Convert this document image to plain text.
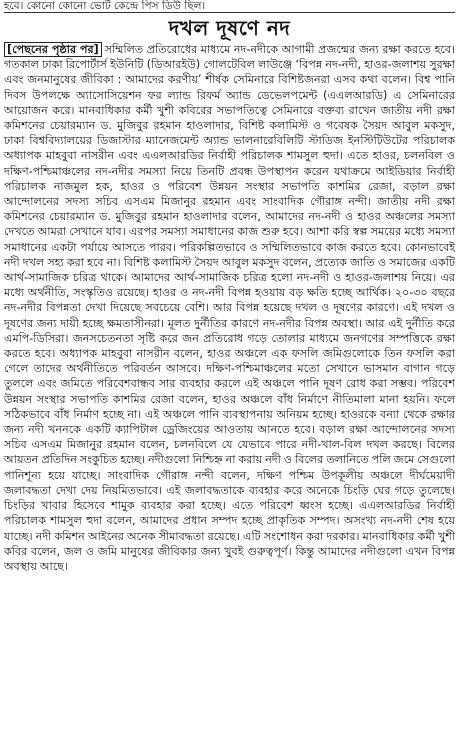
হবে। কোনো কোনো ভোট কেন্দ্রে পিস ডিউ ছিল।
দখল দূষণে নদ
[পেছনের পৃষ্ঠার পর] সম্মিলিত প্রতিরোধের মাধ্যমে নদ-নদীকে আগামী প্রজন্মের জন্য রক্ষা করতে হবে। গতকাল ঢাকা রিপোর্টার্স ইউনিটি (ডিআরইউ) গোলটেবিল লাউঞ্জে ‘বিপন্ন নদ-নদী, হাওর-জলাশয় সুরক্ষা এবং জনমানুষের জীবিকা : আমাদের করণীয়’ শীর্ষক সেমিনারে বিশিষ্টজনরা এসব কথা বলেন। বিশ্ব পানি দিবস উপলক্ষে অ্যাসোসিয়েশন ফর ল্যান্ড রিফর্ম অ্যান্ড ডেভেলপমেন্ট (এএলআরডি) এ সেমিনারের আয়োজন করে। মানবাধিকার কর্মী খুশী কবিরের সভাপতিত্বে সেমিনারে বক্তব্য রাখেন জাতীয় নদী রক্ষা কমিশনের চেয়ারম্যান ড. মুজিবুর রহমান হাওলাদার, বিশিষ্ট কলামিস্ট ও গবেষক সৈয়দ আবুল মকসুদ, ঢাকা বিশ্ববিদ্যালয়ের ডিজাস্টার ম্যানেজমেন্ট অ্যান্ড ভালনারেবিলিটি স্টাডিজ ইনস্টিটিউটের পরিচালক অধ্যাপক মাহবুবা নাসরীন এবং এএলআরডির নির্বাহী পরিচালক শামসুল হুদা। এতে হাওর, চলনবিল ও দক্ষিণ-পশ্চিমাঞ্চলের নদ-নদীর সমস্যা নিয়ে তিনটি প্রবন্ধ উপস্থাপন করেন যথাক্রমে আইডিয়ার নির্বাহী পরিচালক নাজমুল হক, হাওর ও পরিবেশ উন্নয়ন সংস্থার সভাপতি কাশমির রেজা, বড়াল রক্ষা আন্দোলনের সদস্য সচিব এসএম মিজানুর রহমান এবং সাংবাদিক গৌরাঙ্গ নন্দী। জাতীয় নদী রক্ষা কমিশনের চেয়ারম্যান ড. মুজিবুর রহমান হাওলাদার বলেন, আমাদের নদ-নদী ও হাওর অঞ্চলের সমস্যা দেখতে আমরা সেখানে যাব। এরপর সমস্যা সমাধানের কাজ শুরু হবে। আশা করি স্বল্প সময়ের মধ্যে সমস্যা সমাধানের একটা পর্যায়ে আসতে পারব। পরিকল্পিতভাবে ও সম্মিলিতভাবে কাজ করতে হবে। কোনভাবেই নদী দখল সহ্য করা হবে না। বিশিষ্ট কলামিস্ট সৈয়দ আবুল মকসুদ বলেন, প্রত্যেক জাতি ও সমাজের একটি আর্থ-সামাজিক চরিত্র থাকে। আমাদের আর্থ-সামাজিক চরিত্র হলো নদ-নদী ও হাওর-জলাশয় নিয়ে। এর মধ্যে অর্থনীতি, সংস্কৃতিও রয়েছে। হাওর ও নদ-নদী বিপন্ন হওয়ায় বড় ক্ষতি হচ্ছে আর্থিক। ২০-৩০ বছরে নদ-নদীর বিপন্নতা দেখা দিয়েছে সবচেয়ে বেশি। আর বিপন্ন হয়েছে দখল ও দূষণের কারণে। এই দখল ও দূষণের জন্য দায়ী হচ্ছে ক্ষমতাসীনরা। মূলত দুর্নীতির কারণে নদ-নদীর বিপন্ন অবস্থা। আর এই দুর্নীতি করে এমপি-ডিসিরা। জনসচেতনতা সৃষ্টি করে জন প্রতিরোধ গড়ে তোলার মাধ্যমে জনগণের সম্পত্তিকে রক্ষা করতে হবে। অধ্যাপক মাহবুবা নাসরীন বলেন, হাওর অঞ্চলে এক ফসলি জমিগুলোকে তিন ফসলি করা গেলে তাদের অর্থনীতিতে পরিবর্তন আসবে। দক্ষিণ-পশ্চিমাঞ্চলের মতো সেখানে ভাসমান বাগান গড়ে তুললে এবং জমিতে পরিবেশবান্ধব সার ব্যবহার করলে এই অঞ্চলে পানি দূষণ রোধ করা সম্ভব। পরিবেশ উন্নয়ন সংস্থার সভাপতি কাশমির রেজা বলেন, হাওর অঞ্চলে বাঁধ নির্মাণে নীতিমালা মানা হয়নি। ফলে সঠিকভাবে বাঁধ নির্মাণ হচ্ছে না। এই অঞ্চলে পানি ব্যবস্থাপনায় অনিয়ম হচ্ছে। হাওরকে বন্যা থেকে রক্ষার জন্য নদী খননকে একটি ক্যাপিটাল ড্রেজিংয়ের আওতায় আনতে হবে। বড়াল রক্ষা আন্দোলনের সদস্য সচিব এসএম মিজানুর রহমান বলেন, চলনবিলে যে যেভাবে পারে নদী-খাল-বিল দখল করছে। বিলের আয়তন প্রতিদিন সংকুচিত হচ্ছে। নদীগুলো নিশ্চিহ্ন না করায় নদী ও বিলের তলানিতে পলি জমে সেগুলো পানিশূন্য হয়ে যাচ্ছে। সাংবাদিক গৌরাঙ্গ নন্দী বলেন, দক্ষিণ পশ্চিম উপকূলীয় অঞ্চলে দীর্ঘমেয়াদী জলাবদ্ধতা দেখা দেয় নিয়মিতভাবে। এই জলাবদ্ধতাকে ব্যবহার করে অনেকে চিংড়ি ঘের গড়ে তুলেছে। চিংড়ির খাবার হিসেবে শামুক ব্যবহার করা হচ্ছে। এতে পরিবেশ ধ্বংস হচ্ছে। এএলআরডির নির্বাহী পরিচালক শামসুল হুদা বলেন, আমাদের প্রধান সম্পদ হচ্ছে প্রাকৃতিক সম্পদ। অসংখ্য নদ-নদী শেষ হয়ে যাচ্ছে। নদী কমিশন আইনের অনেক সীমাবদ্ধতা রয়েছে। এটি সংশোধন করা দরকার। মানবাধিকার কর্মী খুশী কবির বলেন, জল ও জমি মানুষের জীবিকার জন্য খুবই গুরুত্বপূর্ণ। কিন্তু আমাদের নদীগুলো এখন বিপন্ন অবস্থায় আছে।
